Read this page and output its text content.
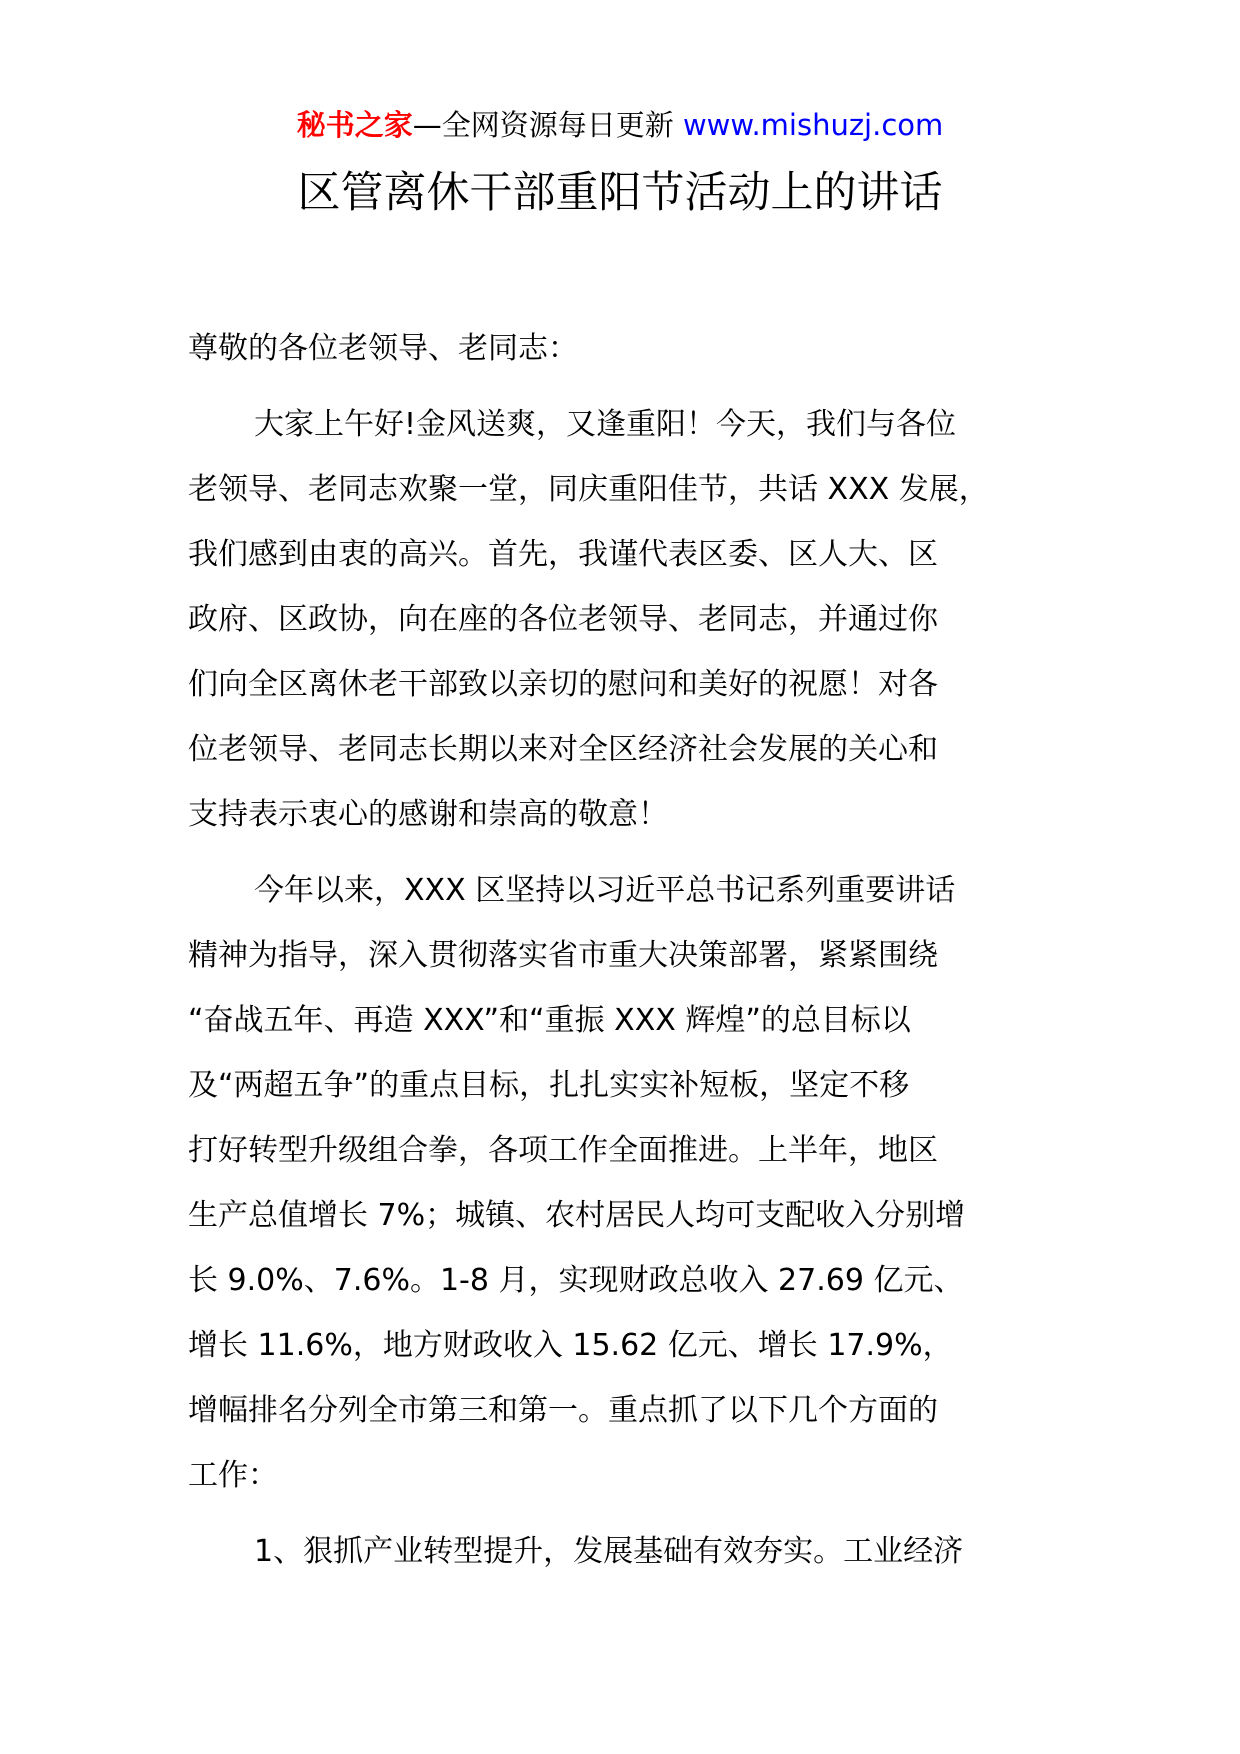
秘书之家—全网资源每日更新 www.mishuzj.com
区管离休干部重阳节活动上的讲话

尊敬的各位老领导、老同志：

大家上午好!金风送爽，又逢重阳！今天，我们与各位
老领导、老同志欢聚一堂，同庆重阳佳节，共话 XXX 发展，
我们感到由衷的高兴。首先，我谨代表区委、区人大、区
政府、区政协，向在座的各位老领导、老同志，并通过你
们向全区离休老干部致以亲切的慰问和美好的祝愿！对各
位老领导、老同志长期以来对全区经济社会发展的关心和
支持表示衷心的感谢和崇高的敬意！

今年以来，XXX 区坚持以习近平总书记系列重要讲话
精神为指导，深入贯彻落实省市重大决策部署，紧紧围绕
“奋战五年、再造 XXX”和“重振 XXX 辉煌”的总目标以
及“两超五争”的重点目标，扎扎实实补短板，坚定不移
打好转型升级组合拳，各项工作全面推进。上半年，地区
生产总值增长 7%；城镇、农村居民人均可支配收入分别增
长 9.0%、7.6%。1-8 月，实现财政总收入 27.69 亿元、
增长 11.6%，地方财政收入 15.62 亿元、增长 17.9%，
增幅排名分列全市第三和第一。重点抓了以下几个方面的
工作：

1、狠抓产业转型提升，发展基础有效夯实。工业经济
